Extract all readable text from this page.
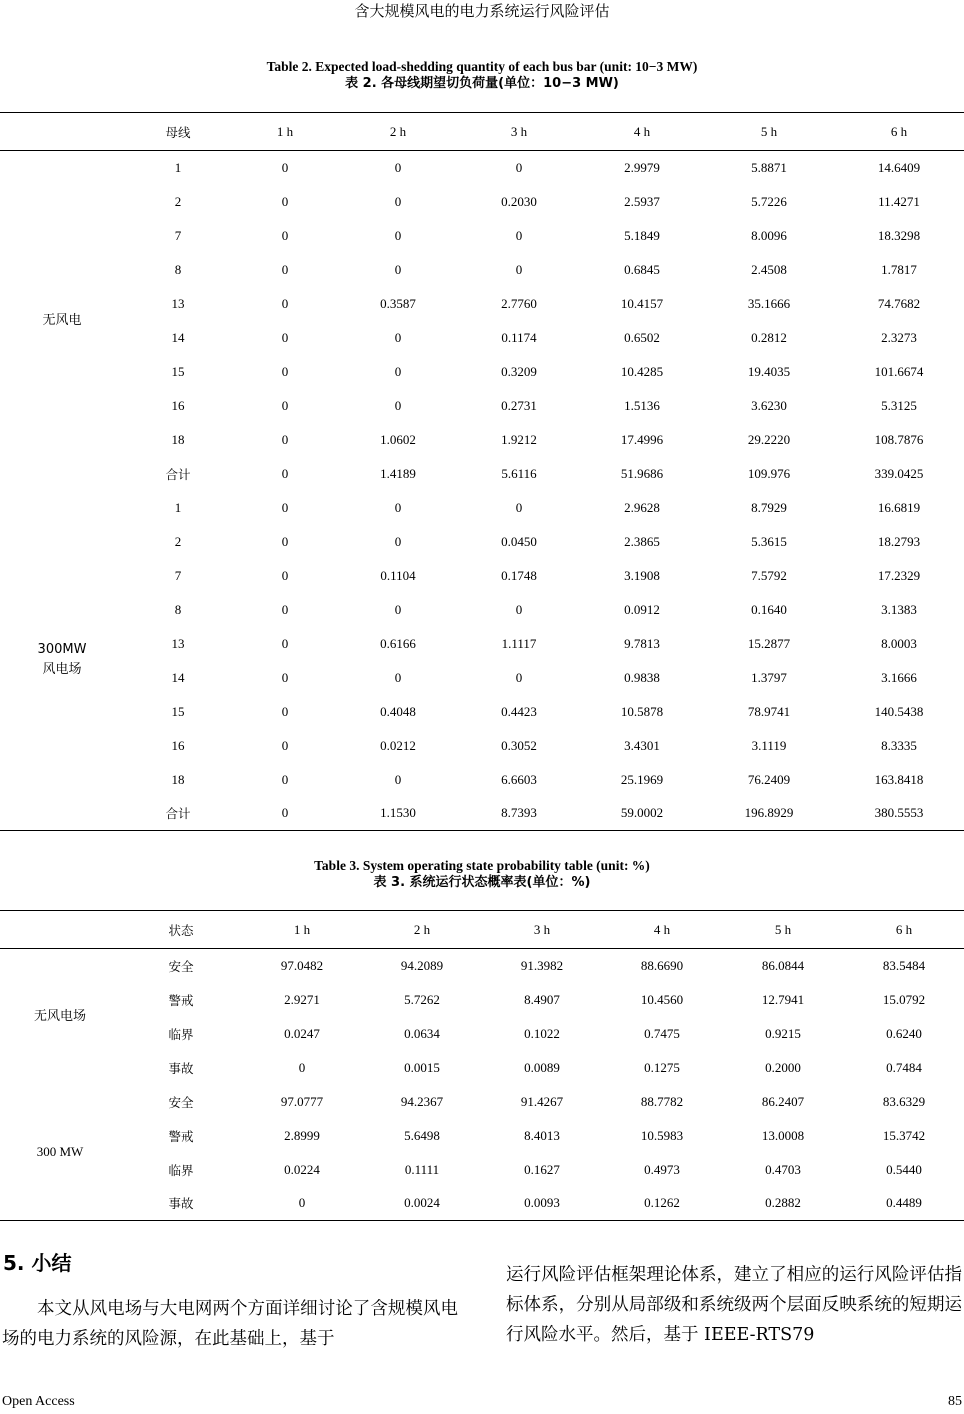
含大规模风电的电力系统运行风险评估
Table 2. Expected load-shedding quantity of each bus bar (unit: 10−3 MW)
表 2. 各母线期望切负荷量(单位：10−3 MW)
	母线	1 h	2 h	3 h	4 h	5 h	6 h
无风电	1	0	0	0	2.9979	5.8871	14.6409
	2	0	0	0.2030	2.5937	5.7226	11.4271
	7	0	0	0	5.1849	8.0096	18.3298
	8	0	0	0	0.6845	2.4508	1.7817
	13	0	0.3587	2.7760	10.4157	35.1666	74.7682
	14	0	0	0.1174	0.6502	0.2812	2.3273
	15	0	0	0.3209	10.4285	19.4035	101.6674
	16	0	0	0.2731	1.5136	3.6230	5.3125
	18	0	1.0602	1.9212	17.4996	29.2220	108.7876
	合计	0	1.4189	5.6116	51.9686	109.976	339.0425
300MW
风电场	1	0	0	0	2.9628	8.7929	16.6819
	2	0	0	0.0450	2.3865	5.3615	18.2793
	7	0	0.1104	0.1748	3.1908	7.5792	17.2329
	8	0	0	0	0.0912	0.1640	3.1383
	13	0	0.6166	1.1117	9.7813	15.2877	8.0003
	14	0	0	0	0.9838	1.3797	3.1666
	15	0	0.4048	0.4423	10.5878	78.9741	140.5438
	16	0	0.0212	0.3052	3.4301	3.1119	8.3335
	18	0	0	6.6603	25.1969	76.2409	163.8418
	合计	0	1.1530	8.7393	59.0002	196.8929	380.5553
Table 3. System operating state probability table (unit: %)
表 3. 系统运行状态概率表(单位：%)
	状态	1 h	2 h	3 h	4 h	5 h	6 h
无风电场	安全	97.0482	94.2089	91.3982	88.6690	86.0844	83.5484
	警戒	2.9271	5.7262	8.4907	10.4560	12.7941	15.0792
	临界	0.0247	0.0634	0.1022	0.7475	0.9215	0.6240
	事故	0	0.0015	0.0089	0.1275	0.2000	0.7484
300 MW	安全	97.0777	94.2367	91.4267	88.7782	86.2407	83.6329
	警戒	2.8999	5.6498	8.4013	10.5983	13.0008	15.3742
	临界	0.0224	0.1111	0.1627	0.4973	0.4703	0.5440
	事故	0	0.0024	0.0093	0.1262	0.2882	0.4489
5. 小结
本文从风电场与大电网两个方面详细讨论了含规模风电场的电力系统的风险源，在此基础上，基于
运行风险评估框架理论体系，建立了相应的运行风险评估指标体系，分别从局部级和系统级两个层面反映系统的短期运行风险水平。然后，基于 IEEE-RTS79
Open Access	85
